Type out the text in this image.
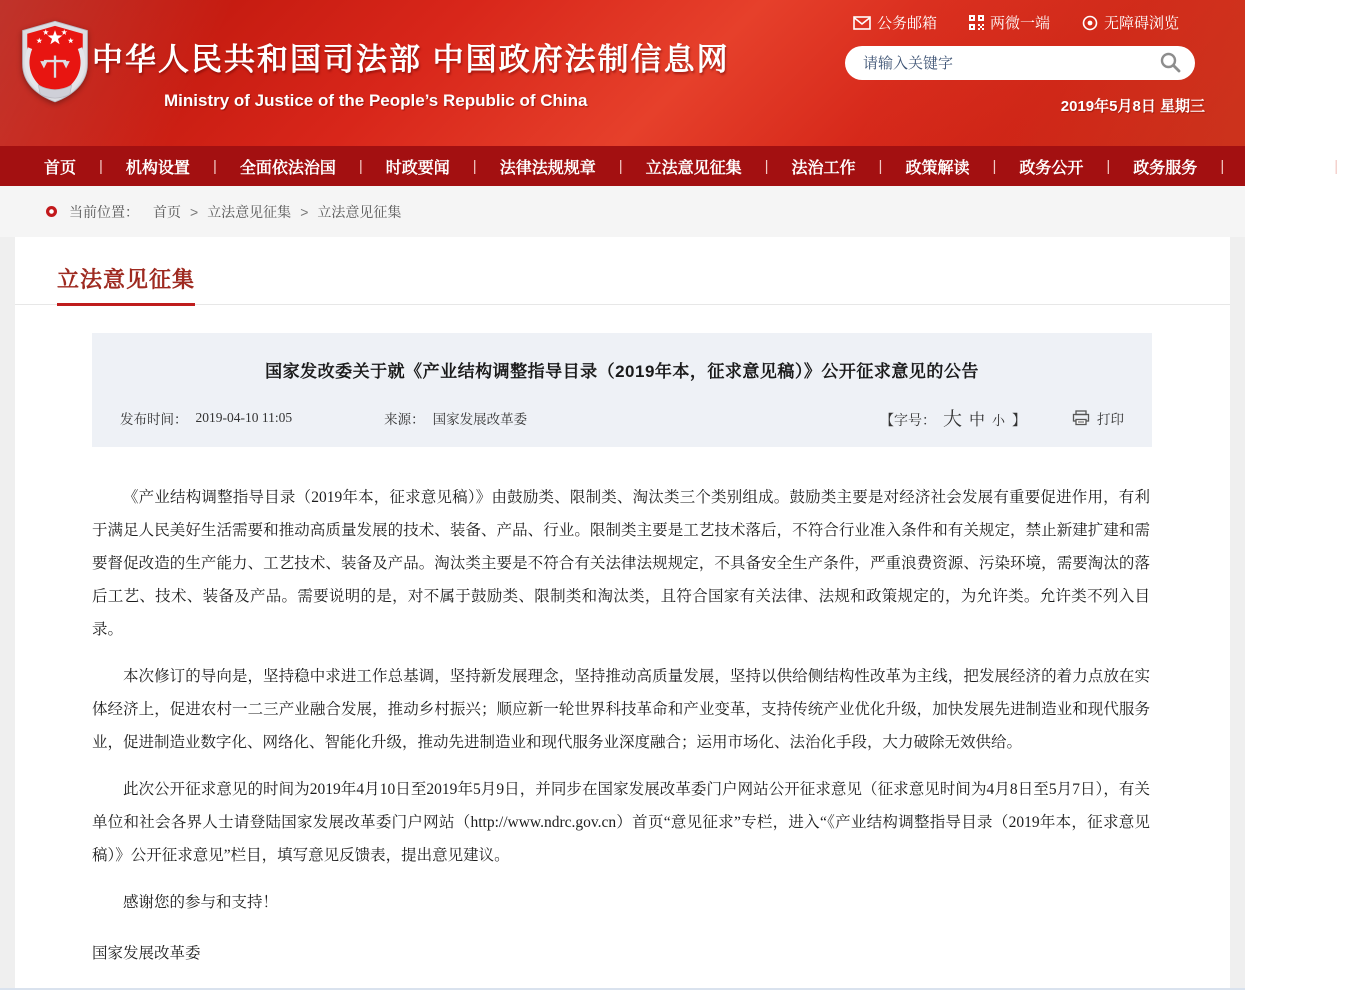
中华人民共和国司法部 中国政府法制信息网
Ministry of Justice of the People’s Republic of China
公务邮箱	两微一端	无障碍浏览
请输入关键字
2019年5月8日 星期三
首页	|	机构设置	|	全面依法治国	|	时政要闻	|	法律法规规章	|	立法意见征集	|	法治工作	|	政策解读	|	政务公开	|	政务服务	|	互动交流	|
当前位置： 首页 > 立法意见征集 > 立法意见征集
立法意见征集
国家发改委关于就《产业结构调整指导目录（2019年本，征求意见稿）》公开征求意见的公告
发布时间： 2019-04-10 11:05	来源： 国家发展改革委	【字号： 大 中 小 】	打印

《产业结构调整指导目录（2019年本，征求意见稿）》由鼓励类、限制类、淘汰类三个类别组成。鼓励类主要是对经济社会发展有重要促进作用，有利于满足人民美好生活需要和推动高质量发展的技术、装备、产品、行业。限制类主要是工艺技术落后，不符合行业准入条件和有关规定，禁止新建扩建和需要督促改造的生产能力、工艺技术、装备及产品。淘汰类主要是不符合有关法律法规规定，不具备安全生产条件，严重浪费资源、污染环境，需要淘汰的落后工艺、技术、装备及产品。需要说明的是，对不属于鼓励类、限制类和淘汰类，且符合国家有关法律、法规和政策规定的，为允许类。允许类不列入目录。

本次修订的导向是，坚持稳中求进工作总基调，坚持新发展理念，坚持推动高质量发展，坚持以供给侧结构性改革为主线，把发展经济的着力点放在实体经济上，促进农村一二三产业融合发展，推动乡村振兴；顺应新一轮世界科技革命和产业变革，支持传统产业优化升级，加快发展先进制造业和现代服务业，促进制造业数字化、网络化、智能化升级，推动先进制造业和现代服务业深度融合；运用市场化、法治化手段，大力破除无效供给。

此次公开征求意见的时间为2019年4月10日至2019年5月9日，并同步在国家发展改革委门户网站公开征求意见（征求意见时间为4月8日至5月7日），有关单位和社会各界人士请登陆国家发展改革委门户网站（http://www.ndrc.gov.cn）首页“意见征求”专栏，进入“《产业结构调整指导目录（2019年本，征求意见稿）》公开征求意见”栏目，填写意见反馈表，提出意见建议。

感谢您的参与和支持！

国家发展改革委
